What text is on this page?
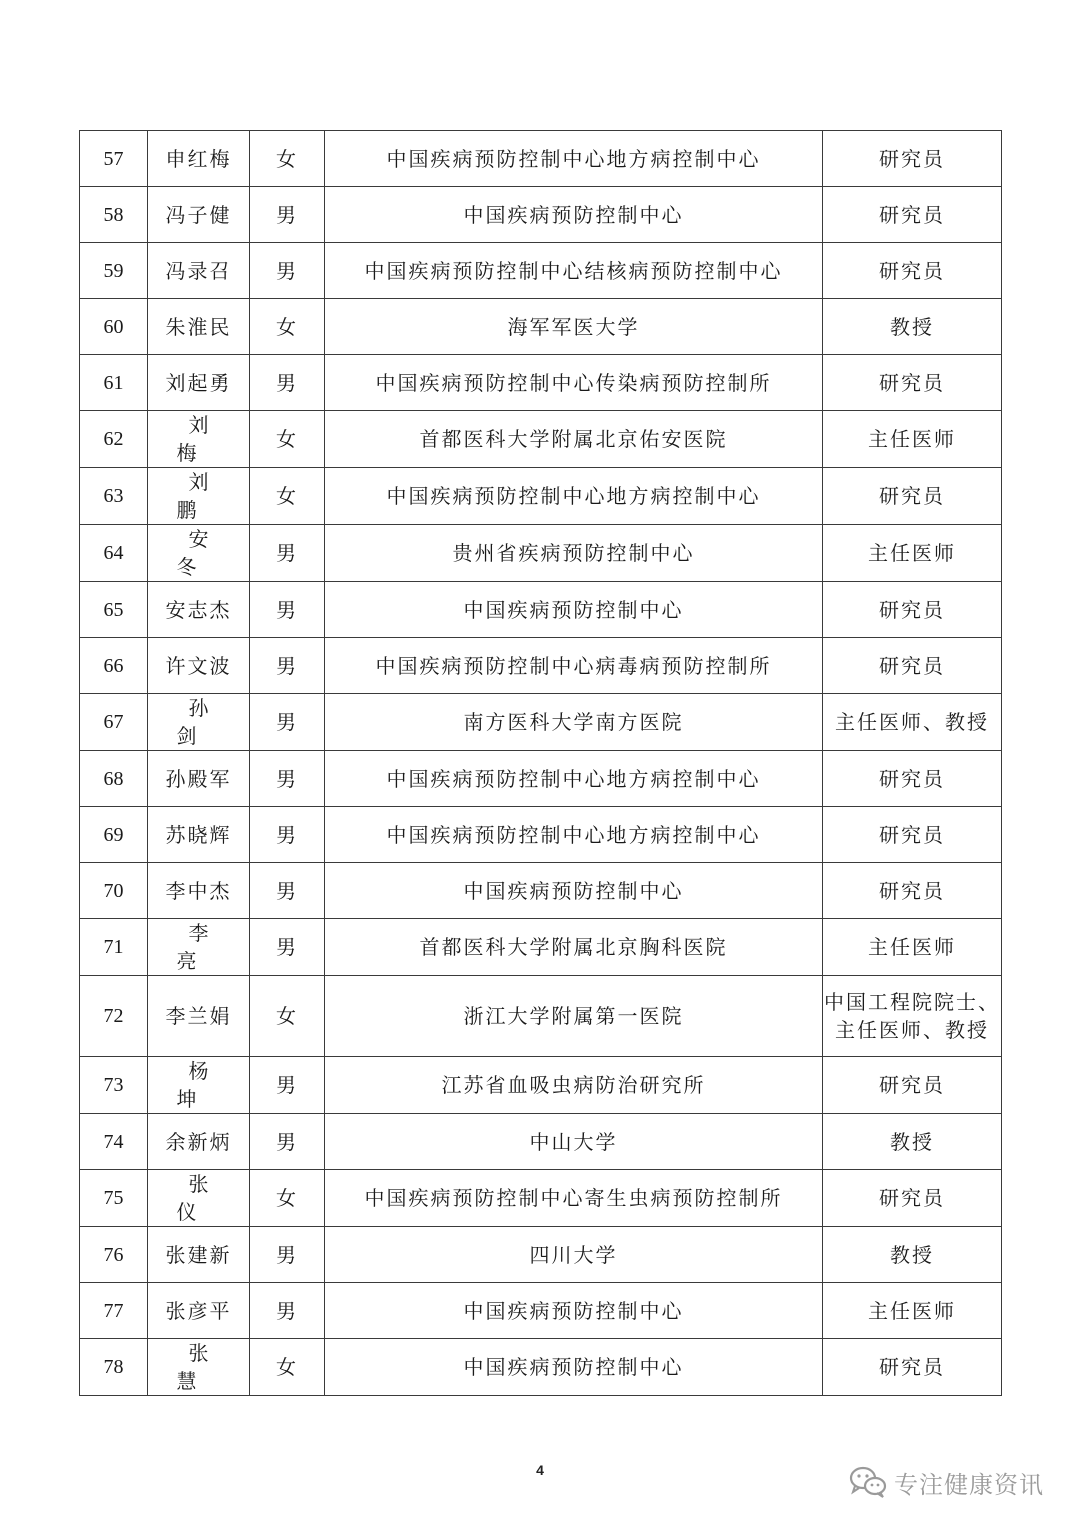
57	申红梅	女	中国疾病预防控制中心地方病控制中心	研究员
58	冯子健	男	中国疾病预防控制中心	研究员
59	冯录召	男	中国疾病预防控制中心结核病预防控制中心	研究员
60	朱淮民	女	海军军医大学	教授
61	刘起勇	男	中国疾病预防控制中心传染病预防控制所	研究员
62	刘梅	女	首都医科大学附属北京佑安医院	主任医师
63	刘鹏	女	中国疾病预防控制中心地方病控制中心	研究员
64	安冬	男	贵州省疾病预防控制中心	主任医师
65	安志杰	男	中国疾病预防控制中心	研究员
66	许文波	男	中国疾病预防控制中心病毒病预防控制所	研究员
67	孙剑	男	南方医科大学南方医院	主任医师、教授
68	孙殿军	男	中国疾病预防控制中心地方病控制中心	研究员
69	苏晓辉	男	中国疾病预防控制中心地方病控制中心	研究员
70	李中杰	男	中国疾病预防控制中心	研究员
71	李亮	男	首都医科大学附属北京胸科医院	主任医师
72	李兰娟	女	浙江大学附属第一医院	中国工程院院士、
主任医师、教授

73	杨坤	男	江苏省血吸虫病防治研究所	研究员
74	余新炳	男	中山大学	教授
75	张仪	女	中国疾病预防控制中心寄生虫病预防控制所	研究员
76	张建新	男	四川大学	教授
77	张彦平	男	中国疾病预防控制中心	主任医师
78	张慧	女	中国疾病预防控制中心	研究员
4
专注健康资讯
